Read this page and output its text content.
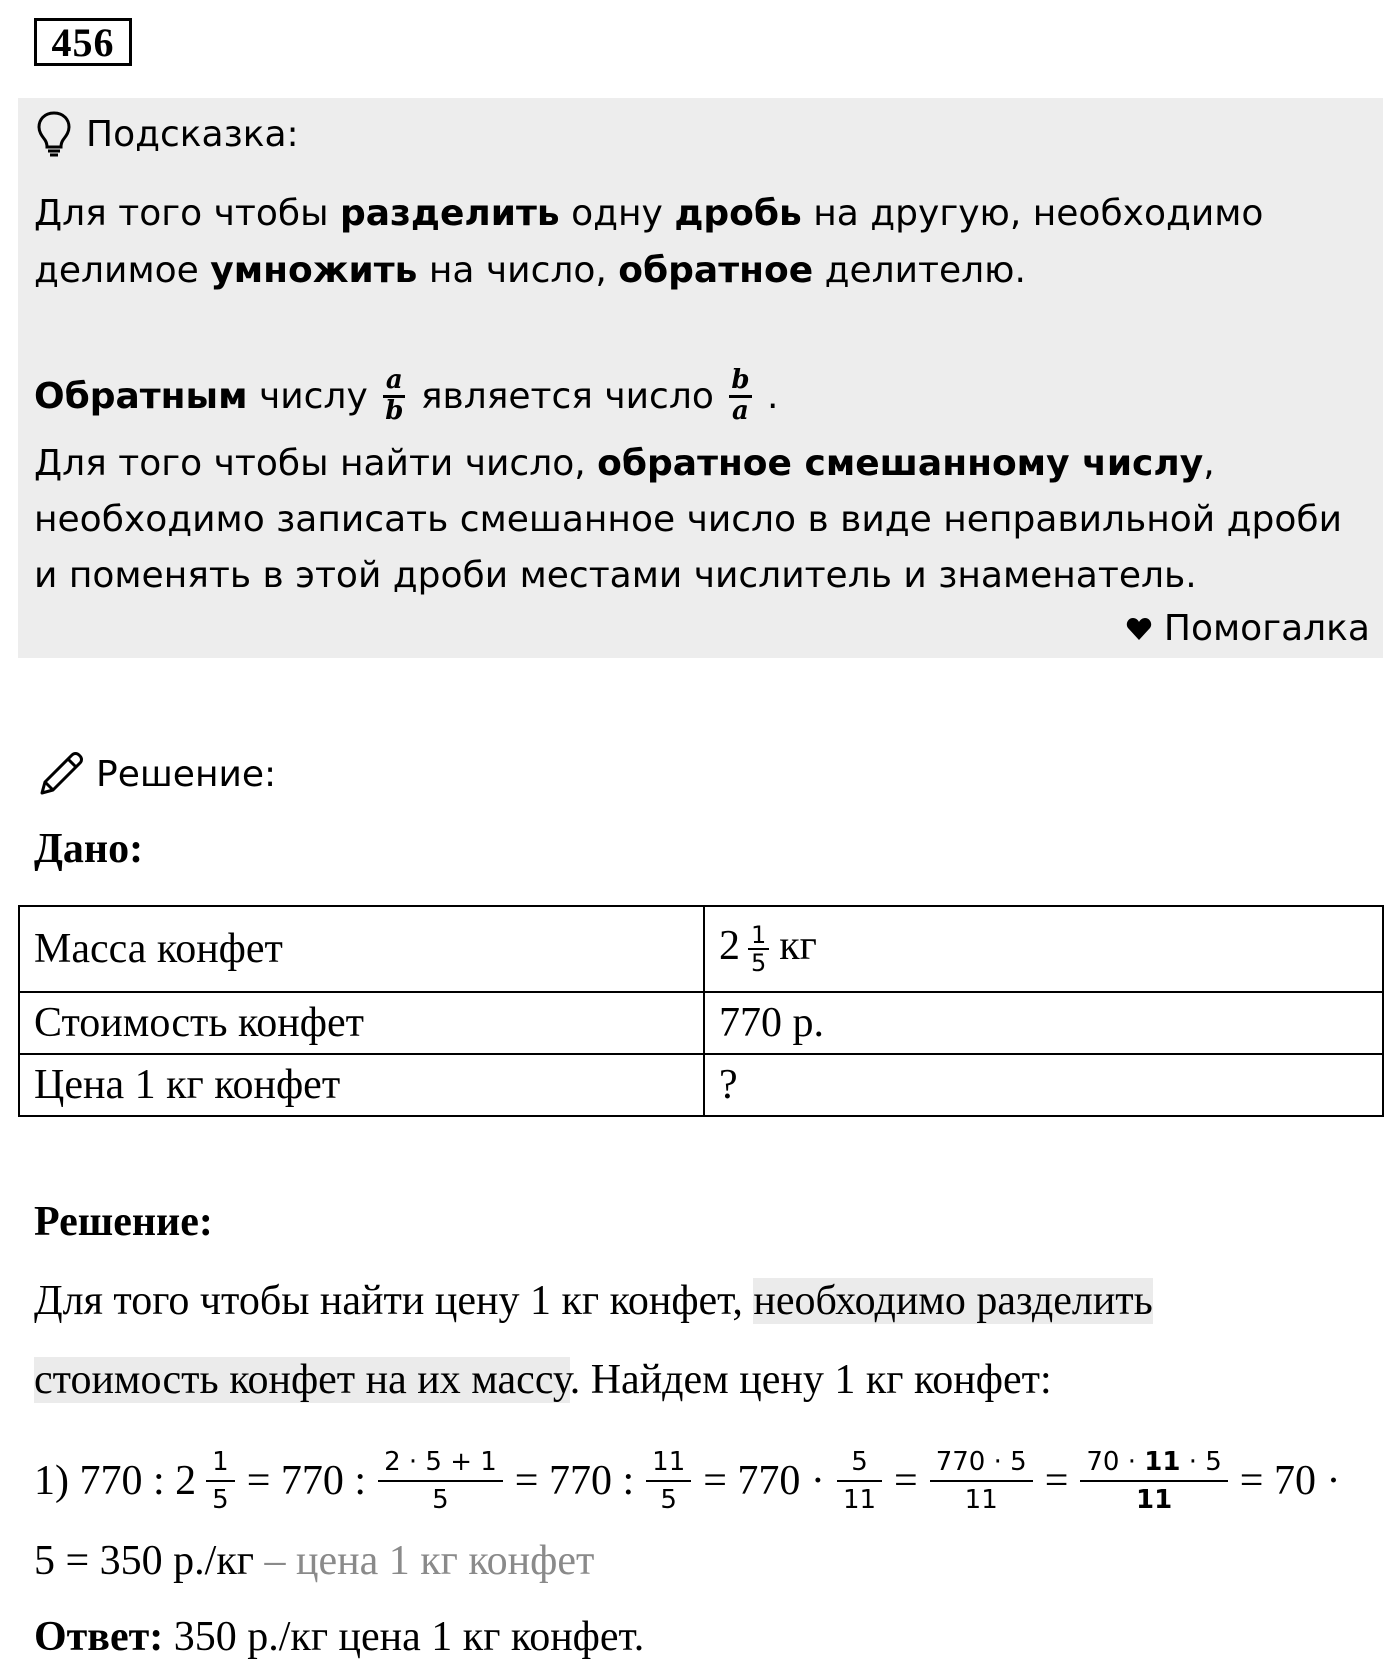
456
Подсказка:
Для того чтобы разделить одну дробь на другую, необходимо
делимое умножить на число, обратное делителю.
Обратным числу $\frac{a}{b}$ является число $\frac{b}{a}$ .
Для того чтобы найти число, обратное смешанному числу,
необходимо записать смешанное число в виде неправильной дроби
и поменять в этой дроби местами числитель и знаменатель.
Помогалка
Решение:
Дано:
Масса конфет	$2 \frac{1}{5}$ кг
Стоимость конфет	770 р.
Цена 1 кг конфет	?
Решение:
Для того чтобы найти цену 1 кг конфет, необходимо разделить
стоимость конфет на их массу. Найдем цену 1 кг конфет:
1) 770 : $2 \frac{1}{5} = 770$ : $\frac{2 \cdot 5 + 1}{5} = 770$ : $\frac{11}{5} = 770 \cdot \frac{5}{11} = \frac{770 \cdot 5}{11} = \frac{70 \cdot 11 \cdot 5}{11} = 70$ ·
5 = 350 р./кг – цена 1 кг конфет
Ответ: 350 р./кг цена 1 кг конфет.
